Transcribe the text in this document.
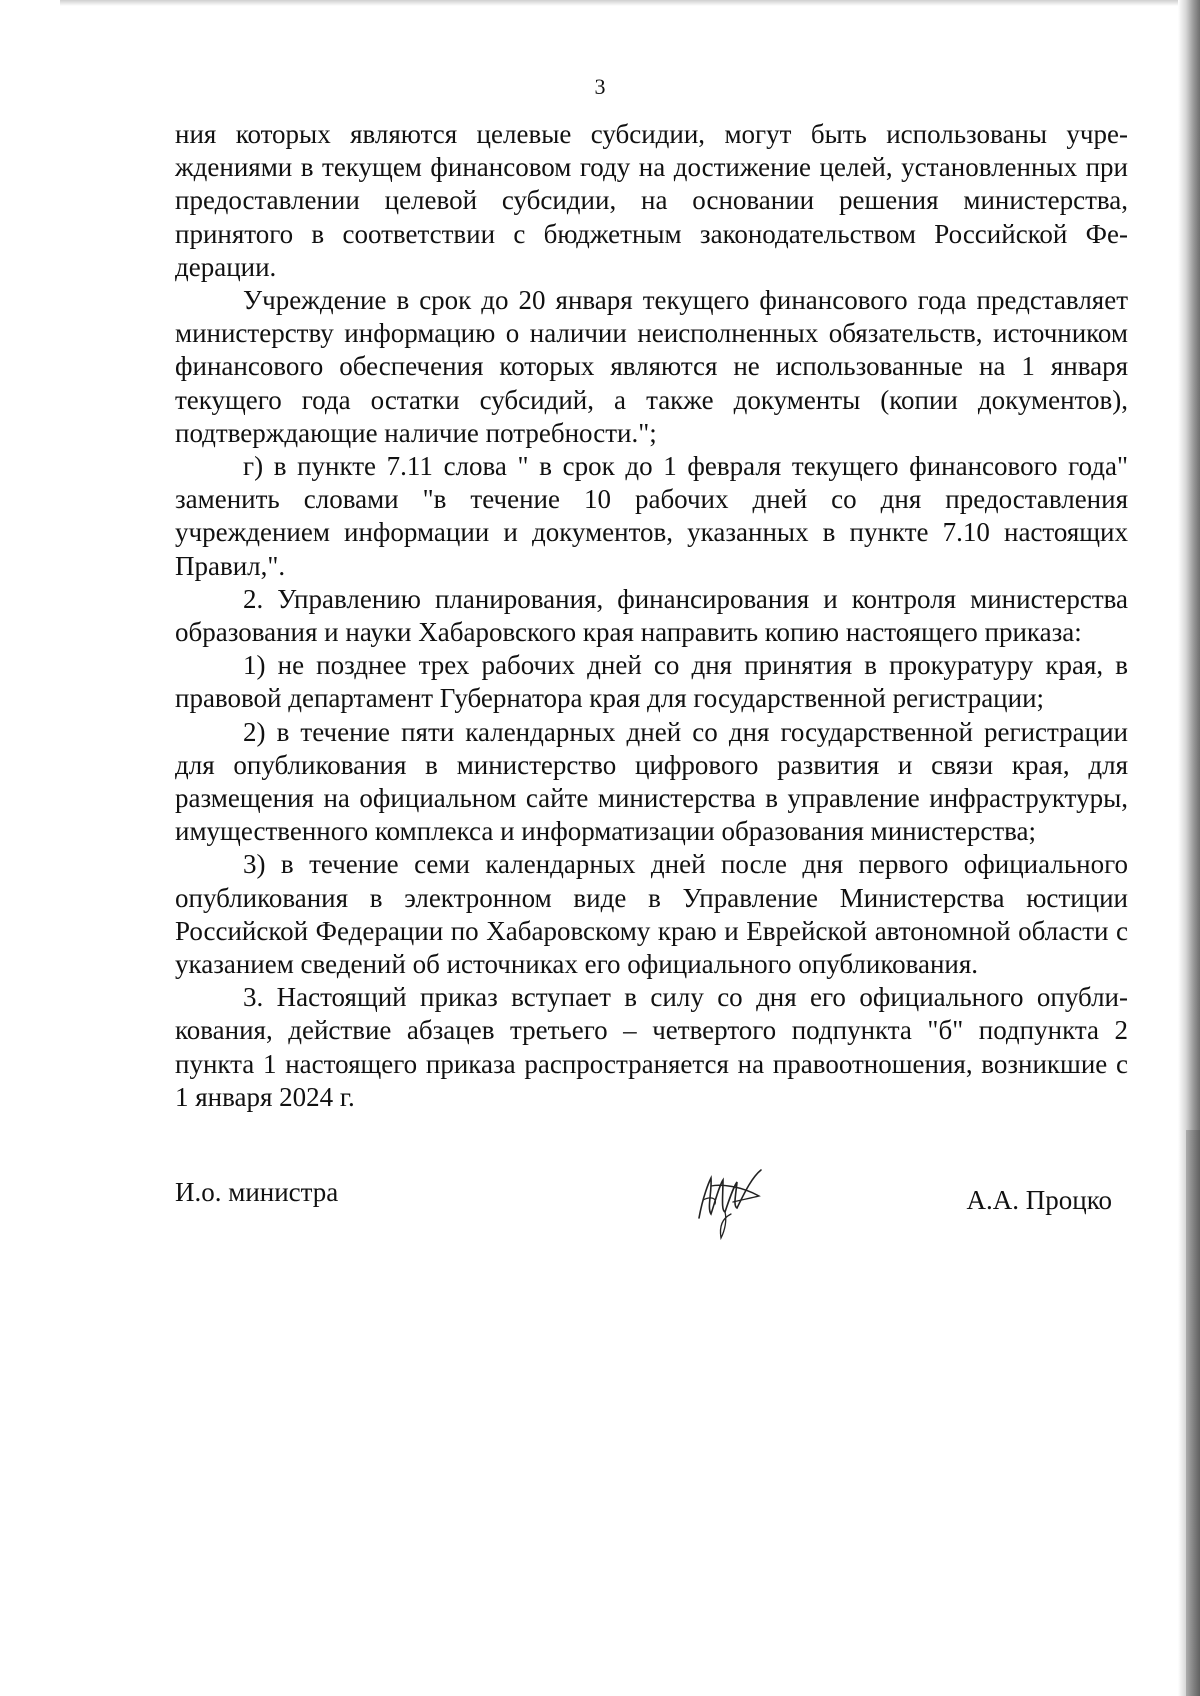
3

ния которых являются целевые субсидии, могут быть использованы учреждениями в текущем финансовом году на достижение целей, установленных при предоставлении целевой субсидии, на основании решения министерства, принятого в соответствии с бюджетным законодательством Российской Федерации.

Учреждение в срок до 20 января текущего финансового года представляет министерству информацию о наличии неисполненных обязательств, источником финансового обеспечения которых являются не использованные на 1 января текущего года остатки субсидий, а также документы (копии документов), подтверждающие наличие потребности.";

г) в пункте 7.11 слова " в срок до 1 февраля текущего финансового года" заменить словами "в течение 10 рабочих дней со дня предоставления учреждением информации и документов, указанных в пункте 7.10 настоящих Правил,".

2. Управлению планирования, финансирования и контроля министерства образования и науки Хабаровского края направить копию настоящего приказа:

1) не позднее трех рабочих дней со дня принятия в прокуратуру края, в правовой департамент Губернатора края для государственной регистрации;

2) в течение пяти календарных дней со дня государственной регистрации для опубликования в министерство цифрового развития и связи края, для размещения на официальном сайте министерства в управление инфраструктуры, имущественного комплекса и информатизации образования министерства;

3) в течение семи календарных дней после дня первого официального опубликования в электронном виде в Управление Министерства юстиции Российской Федерации по Хабаровскому краю и Еврейской автономной области с указанием сведений об источниках его официального опубликования.

3. Настоящий приказ вступает в силу со дня его официального опубликования, действие абзацев третьего – четвертого подпункта "б" подпункта 2 пункта 1 настоящего приказа распространяется на правоотношения, возникшие с 1 января 2024 г.

И.о. министра	А.А. Процко
